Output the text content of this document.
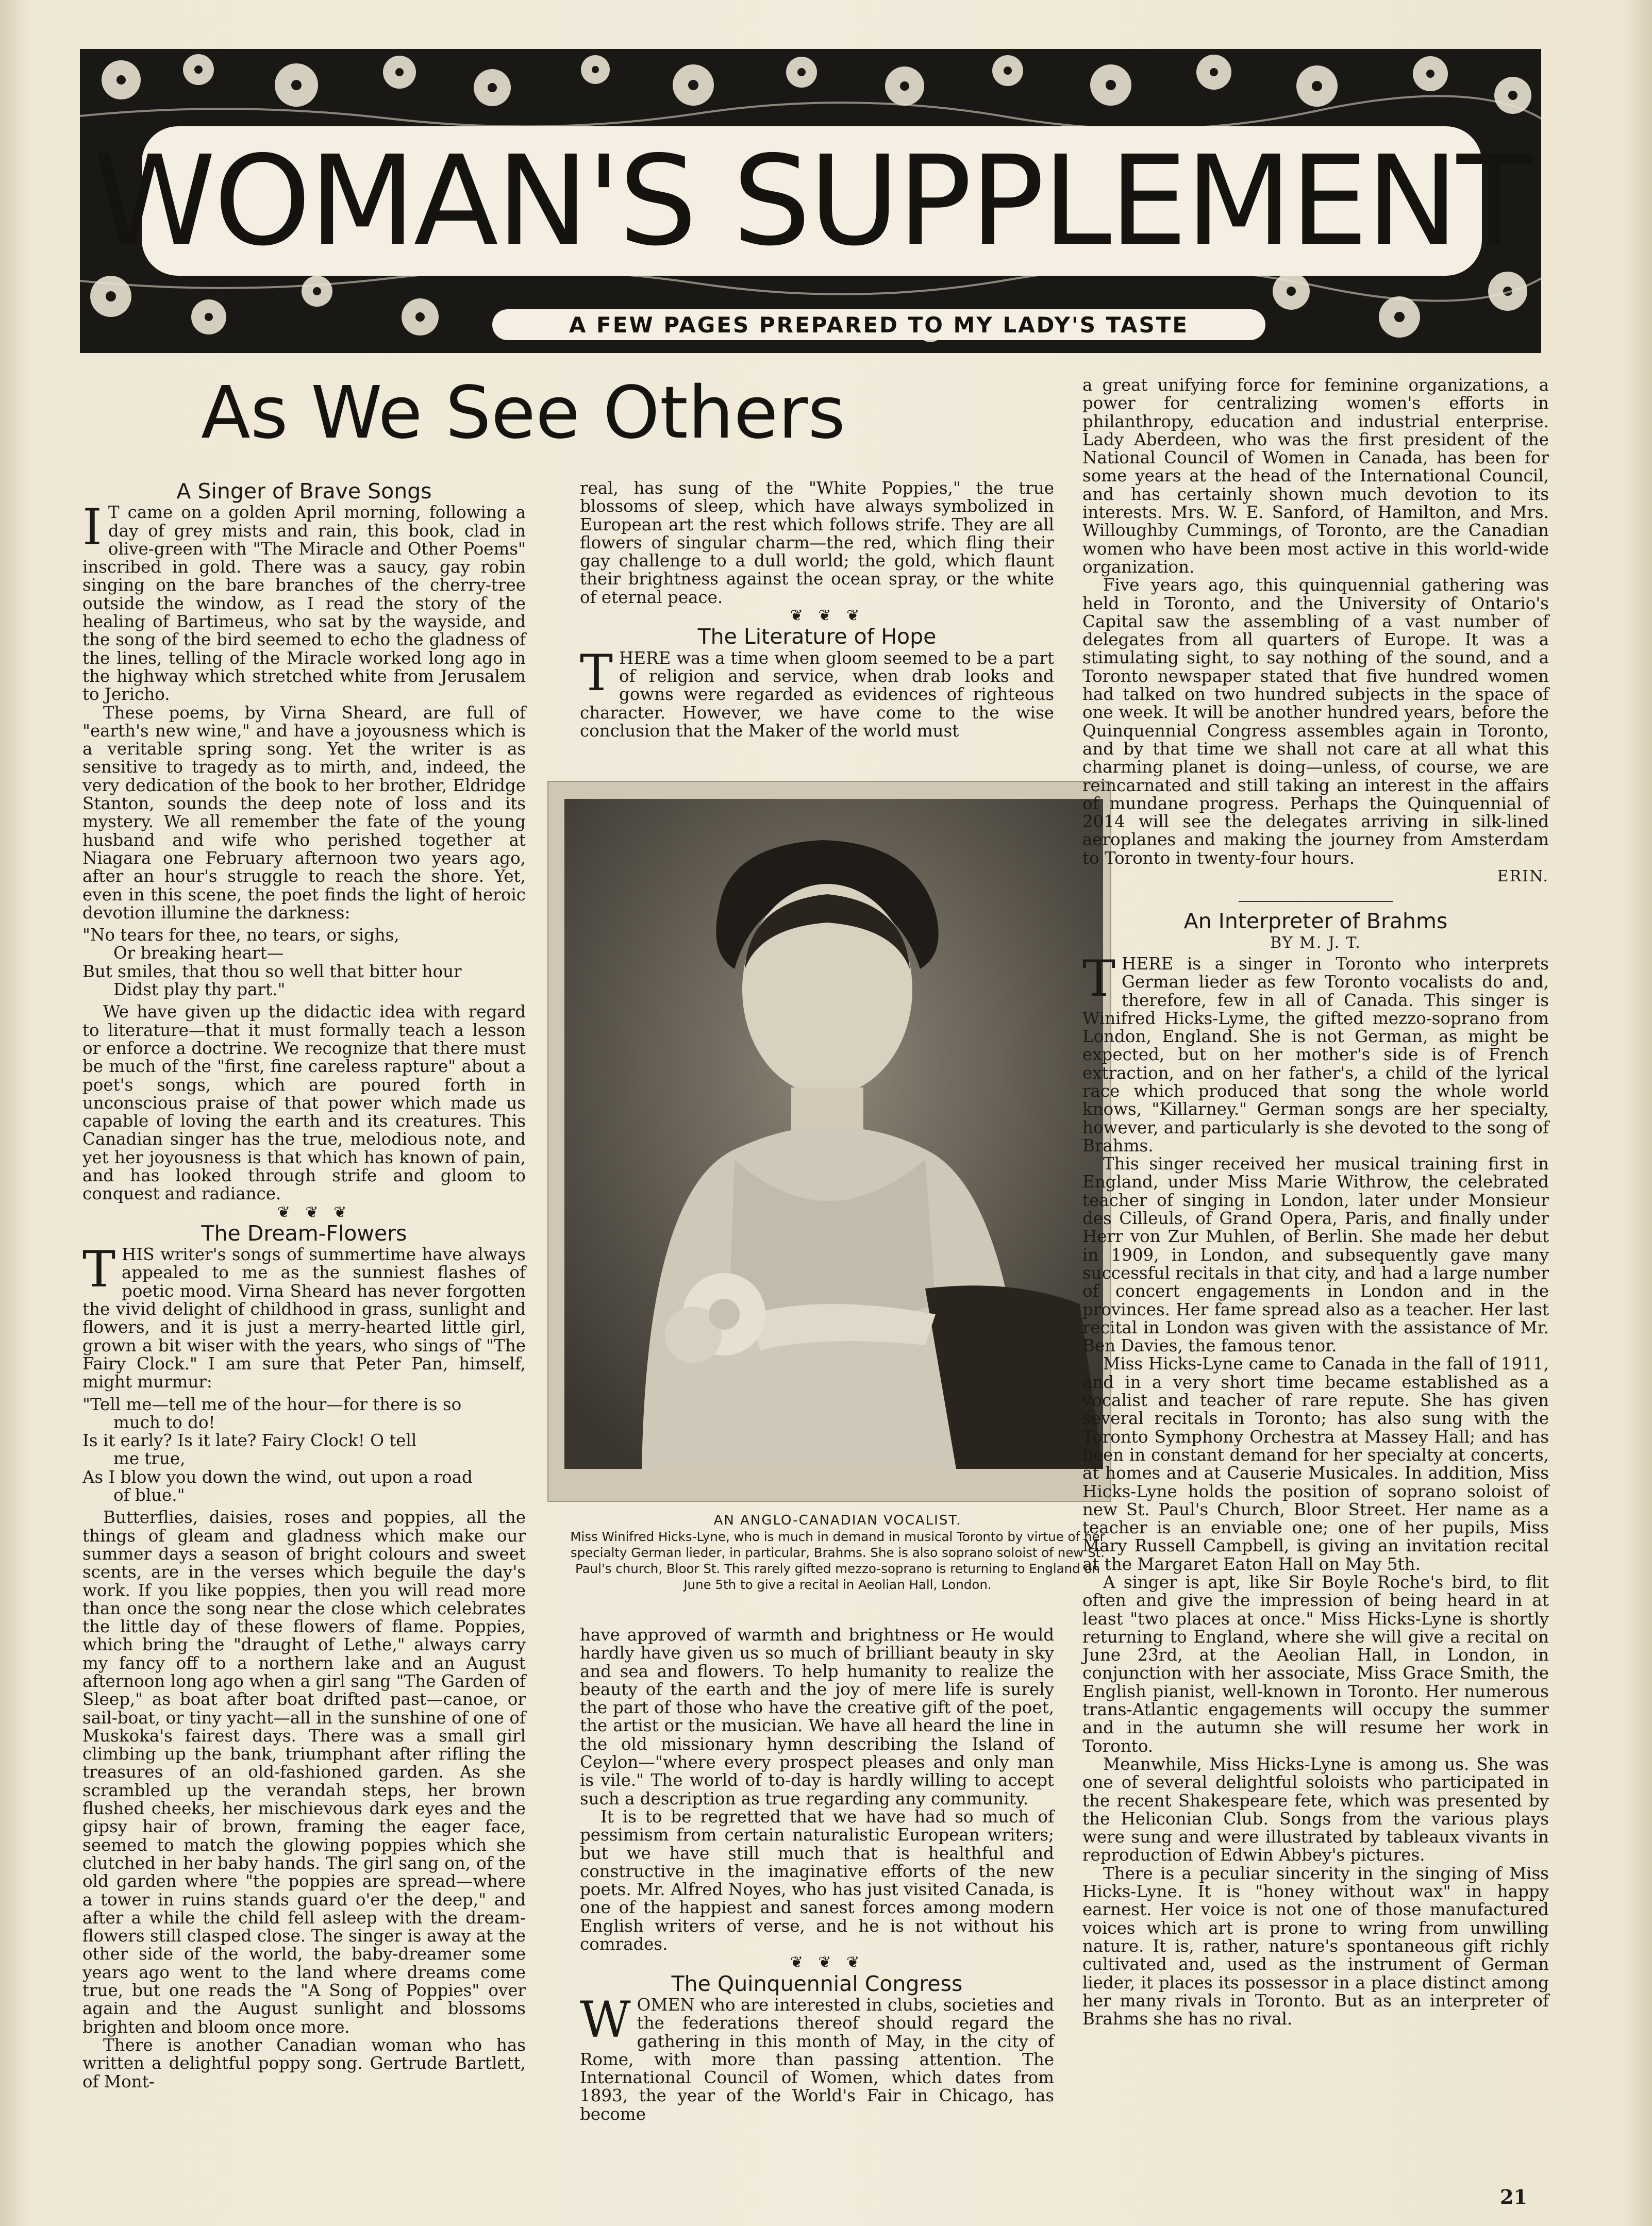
WOMAN'S SUPPLEMENT
A FEW PAGES PREPARED TO MY LADY'S TASTE
As We See Others
A Singer of Brave Songs

I T came on a golden April morning, following a day of grey mists and rain, this book, clad in olive-green with "The Miracle and Other Poems" inscribed in gold. There was a saucy, gay robin singing on the bare branches of the cherry-tree outside the window, as I read the story of the healing of Bartimeus, who sat by the wayside, and the song of the bird seemed to echo the gladness of the lines, telling of the Miracle worked long ago in the highway which stretched white from Jerusalem to Jericho.

These poems, by Virna Sheard, are full of "earth's new wine," and have a joyousness which is a veritable spring song. Yet the writer is as sensitive to tragedy as to mirth, and, indeed, the very dedication of the book to her brother, Eldridge Stanton, sounds the deep note of loss and its mystery. We all remember the fate of the young husband and wife who perished together at Niagara one February afternoon two years ago, after an hour's struggle to reach the shore. Yet, even in this scene, the poet finds the light of heroic devotion illumine the darkness:

"No tears for thee, no tears, or sighs,

Or breaking heart—

But smiles, that thou so well that bitter hour

Didst play thy part."

We have given up the didactic idea with regard to literature—that it must formally teach a lesson or enforce a doctrine. We recognize that there must be much of the "first, fine careless rapture" about a poet's songs, which are poured forth in unconscious praise of that power which made us capable of loving the earth and its creatures. This Canadian singer has the true, melodious note, and yet her joyousness is that which has known of pain, and has looked through strife and gloom to conquest and radiance.

❦ ❦ ❦

The Dream-Flowers

THIS writer's songs of summertime have always appealed to me as the sunniest flashes of poetic mood. Virna Sheard has never forgotten the vivid delight of childhood in grass, sunlight and flowers, and it is just a merry-hearted little girl, grown a bit wiser with the years, who sings of "The Fairy Clock." I am sure that Peter Pan, himself, might murmur:

"Tell me—tell me of the hour—for there is so

much to do!

Is it early? Is it late? Fairy Clock! O tell

me true,

As I blow you down the wind, out upon a road

of blue."

Butterflies, daisies, roses and poppies, all the things of gleam and gladness which make our summer days a season of bright colours and sweet scents, are in the verses which beguile the day's work. If you like poppies, then you will read more than once the song near the close which celebrates the little day of these flowers of flame. Poppies, which bring the "draught of Lethe," always carry my fancy off to a northern lake and an August afternoon long ago when a girl sang "The Garden of Sleep," as boat after boat drifted past—canoe, or sail-boat, or tiny yacht—all in the sunshine of one of Muskoka's fairest days. There was a small girl climbing up the bank, triumphant after rifling the treasures of an old-fashioned garden. As she scrambled up the verandah steps, her brown flushed cheeks, her mischievous dark eyes and the gipsy hair of brown, framing the eager face, seemed to match the glowing poppies which she clutched in her baby hands. The girl sang on, of the old garden where "the poppies are spread—where a tower in ruins stands guard o'er the deep," and after a while the child fell asleep with the dream-flowers still clasped close. The singer is away at the other side of the world, the baby-dreamer some years ago went to the land where dreams come true, but one reads the "A Song of Poppies" over again and the August sunlight and blossoms brighten and bloom once more.

There is another Canadian woman who has written a delightful poppy song. Gertrude Bartlett, of Mont-

real, has sung of the "White Poppies," the true blossoms of sleep, which have always symbolized in European art the rest which follows strife. They are all flowers of singular charm—the red, which fling their gay challenge to a dull world; the gold, which flaunt their brightness against the ocean spray, or the white of eternal peace.

❦ ❦ ❦

The Literature of Hope

THERE was a time when gloom seemed to be a part of religion and service, when drab looks and gowns were regarded as evidences of righteous character. However, we have come to the wise conclusion that the Maker of the world must

AN ANGLO-CANADIAN VOCALIST.
Miss Winifred Hicks-Lyne, who is much in demand in musical Toronto by virtue of her specialty German lieder, in particular, Brahms. She is also soprano soloist of new St. Paul's church, Bloor St. This rarely gifted mezzo-soprano is returning to England on June 5th to give a recital in Aeolian Hall, London.

have approved of warmth and brightness or He would hardly have given us so much of brilliant beauty in sky and sea and flowers. To help humanity to realize the beauty of the earth and the joy of mere life is surely the part of those who have the creative gift of the poet, the artist or the musician. We have all heard the line in the old missionary hymn describing the Island of Ceylon—"where every prospect pleases and only man is vile." The world of to-day is hardly willing to accept such a description as true regarding any community.

It is to be regretted that we have had so much of pessimism from certain naturalistic European writers; but we have still much that is healthful and constructive in the imaginative efforts of the new poets. Mr. Alfred Noyes, who has just visited Canada, is one of the happiest and sanest forces among modern English writers of verse, and he is not without his comrades.

❦ ❦ ❦

The Quinquennial Congress

WOMEN who are interested in clubs, societies and the federations thereof should regard the gathering in this month of May, in the city of Rome, with more than passing attention. The International Council of Women, which dates from 1893, the year of the World's Fair in Chicago, has become

a great unifying force for feminine organizations, a power for centralizing women's efforts in philanthropy, education and industrial enterprise. Lady Aberdeen, who was the first president of the National Council of Women in Canada, has been for some years at the head of the International Council, and has certainly shown much devotion to its interests. Mrs. W. E. Sanford, of Hamilton, and Mrs. Willoughby Cummings, of Toronto, are the Canadian women who have been most active in this world-wide organization.

Five years ago, this quinquennial gathering was held in Toronto, and the University of Ontario's Capital saw the assembling of a vast number of delegates from all quarters of Europe. It was a stimulating sight, to say nothing of the sound, and a Toronto newspaper stated that five hundred women had talked on two hundred subjects in the space of one week. It will be another hundred years, before the Quinquennial Congress assembles again in Toronto, and by that time we shall not care at all what this charming planet is doing—unless, of course, we are reincarnated and still taking an interest in the affairs of mundane progress. Perhaps the Quinquennial of 2014 will see the delegates arriving in silk-lined aeroplanes and making the journey from Amsterdam to Toronto in twenty-four hours.

ERIN.

An Interpreter of Brahms
BY M. J. T.

THERE is a singer in Toronto who interprets German lieder as few Toronto vocalists do and, therefore, few in all of Canada. This singer is Winifred Hicks-Lyme, the gifted mezzo-soprano from London, England. She is not German, as might be expected, but on her mother's side is of French extraction, and on her father's, a child of the lyrical race which produced that song the whole world knows, "Killarney." German songs are her specialty, however, and particularly is she devoted to the song of Brahms.

This singer received her musical training first in England, under Miss Marie Withrow, the celebrated teacher of singing in London, later under Monsieur des Cilleuls, of Grand Opera, Paris, and finally under Herr von Zur Muhlen, of Berlin. She made her debut in 1909, in London, and subsequently gave many successful recitals in that city, and had a large number of concert engagements in London and in the provinces. Her fame spread also as a teacher. Her last recital in London was given with the assistance of Mr. Ben Davies, the famous tenor.

Miss Hicks-Lyne came to Canada in the fall of 1911, and in a very short time became established as a vocalist and teacher of rare repute. She has given several recitals in Toronto; has also sung with the Toronto Symphony Orchestra at Massey Hall; and has been in constant demand for her specialty at concerts, at homes and at Causerie Musicales. In addition, Miss Hicks-Lyne holds the position of soprano soloist of new St. Paul's Church, Bloor Street. Her name as a teacher is an enviable one; one of her pupils, Miss Mary Russell Campbell, is giving an invitation recital at the Margaret Eaton Hall on May 5th.

A singer is apt, like Sir Boyle Roche's bird, to flit often and give the impression of being heard in at least "two places at once." Miss Hicks-Lyne is shortly returning to England, where she will give a recital on June 23rd, at the Aeolian Hall, in London, in conjunction with her associate, Miss Grace Smith, the English pianist, well-known in Toronto. Her numerous trans-Atlantic engagements will occupy the summer and in the autumn she will resume her work in Toronto.

Meanwhile, Miss Hicks-Lyne is among us. She was one of several delightful soloists who participated in the recent Shakespeare fete, which was presented by the Heliconian Club. Songs from the various plays were sung and were illustrated by tableaux vivants in reproduction of Edwin Abbey's pictures.

There is a peculiar sincerity in the singing of Miss Hicks-Lyne. It is "honey without wax" in happy earnest. Her voice is not one of those manufactured voices which art is prone to wring from unwilling nature. It is, rather, nature's spontaneous gift richly cultivated and, used as the instrument of German lieder, it places its possessor in a place distinct among her many rivals in Toronto. But as an interpreter of Brahms she has no rival.

21
